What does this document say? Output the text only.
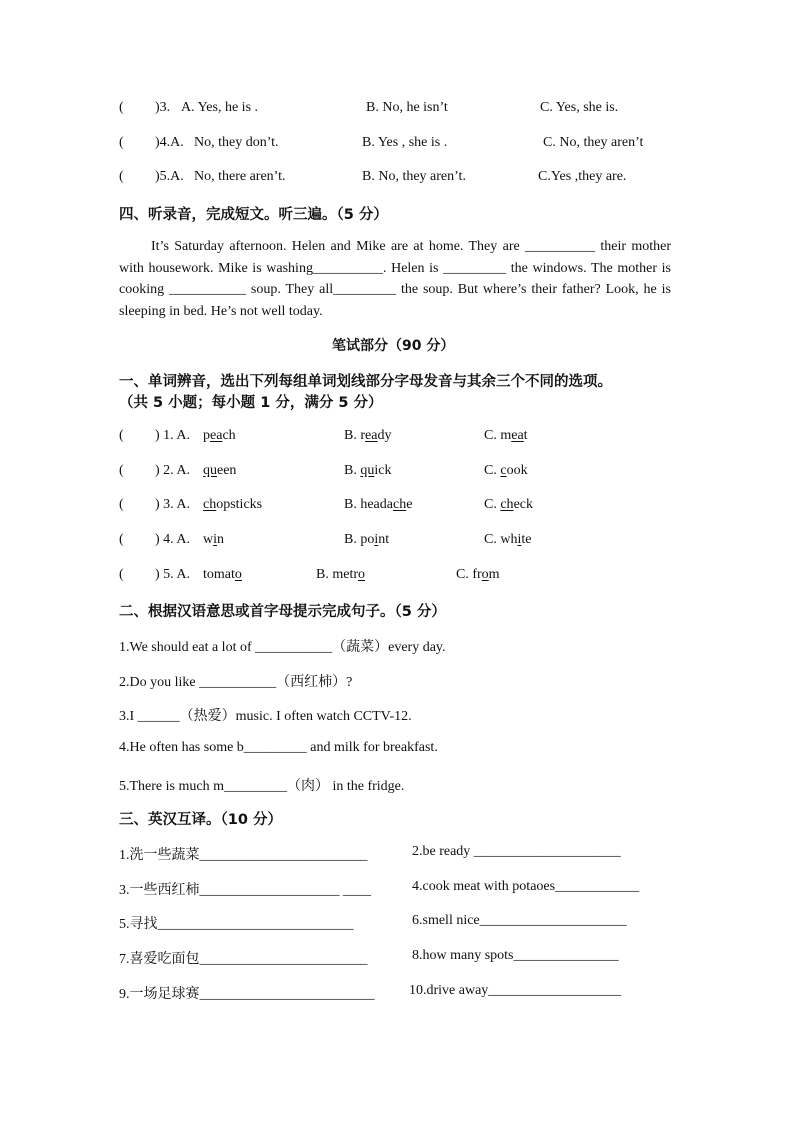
( )3. A. Yes, he is .	B. No, he isn’t	C. Yes, she is.
( )4.A. No, they don’t.	B. Yes , she is .	C. No, they aren’t
( )5.A. No, there aren’t.	B. No, they aren’t.	C.Yes ,they are.
四、听录音，完成短文。听三遍。（5 分）
It’s Saturday afternoon. Helen and Mike are at home. They are __________ their mother with housework. Mike is washing__________. Helen is _________ the windows. The mother is cooking ___________ soup. They all_________ the soup. But where’s their father? Look, he is sleeping in bed. He’s not well today.
笔试部分（90 分）
一、单词辨音，选出下列每组单词划线部分字母发音与其余三个不同的选项。
（共 5 小题；每小题 1 分，满分 5 分）
( ) 1. A. peach	B. ready	C. meat
( ) 2. A. queen	B. quick	C. cook
( ) 3. A. chopsticks	B. headache	C. check
( ) 4. A. win	B. point	C. white
( ) 5. A. tomato	B. metro	C. from
二、根据汉语意思或首字母提示完成句子。（5 分）
1.We should eat a lot of ___________（蔬菜）every day.
2.Do you like ___________（西红柿）?
3.I ______（热爱）music. I often watch CCTV-12.
4.He often has some b_________ and milk for breakfast.
5.There is much m_________（肉） in the fridge.
三、英汉互译。（10 分）
1.洗一些蔬菜________________________	2.be ready _____________________
3.一些西红柿____________________ ____	4.cook meat with potaoes____________
5.寻找____________________________	6.smell nice_____________________
7.喜爱吃面包________________________	8.how many spots_______________
9.一场足球赛_________________________ 10.drive away___________________
